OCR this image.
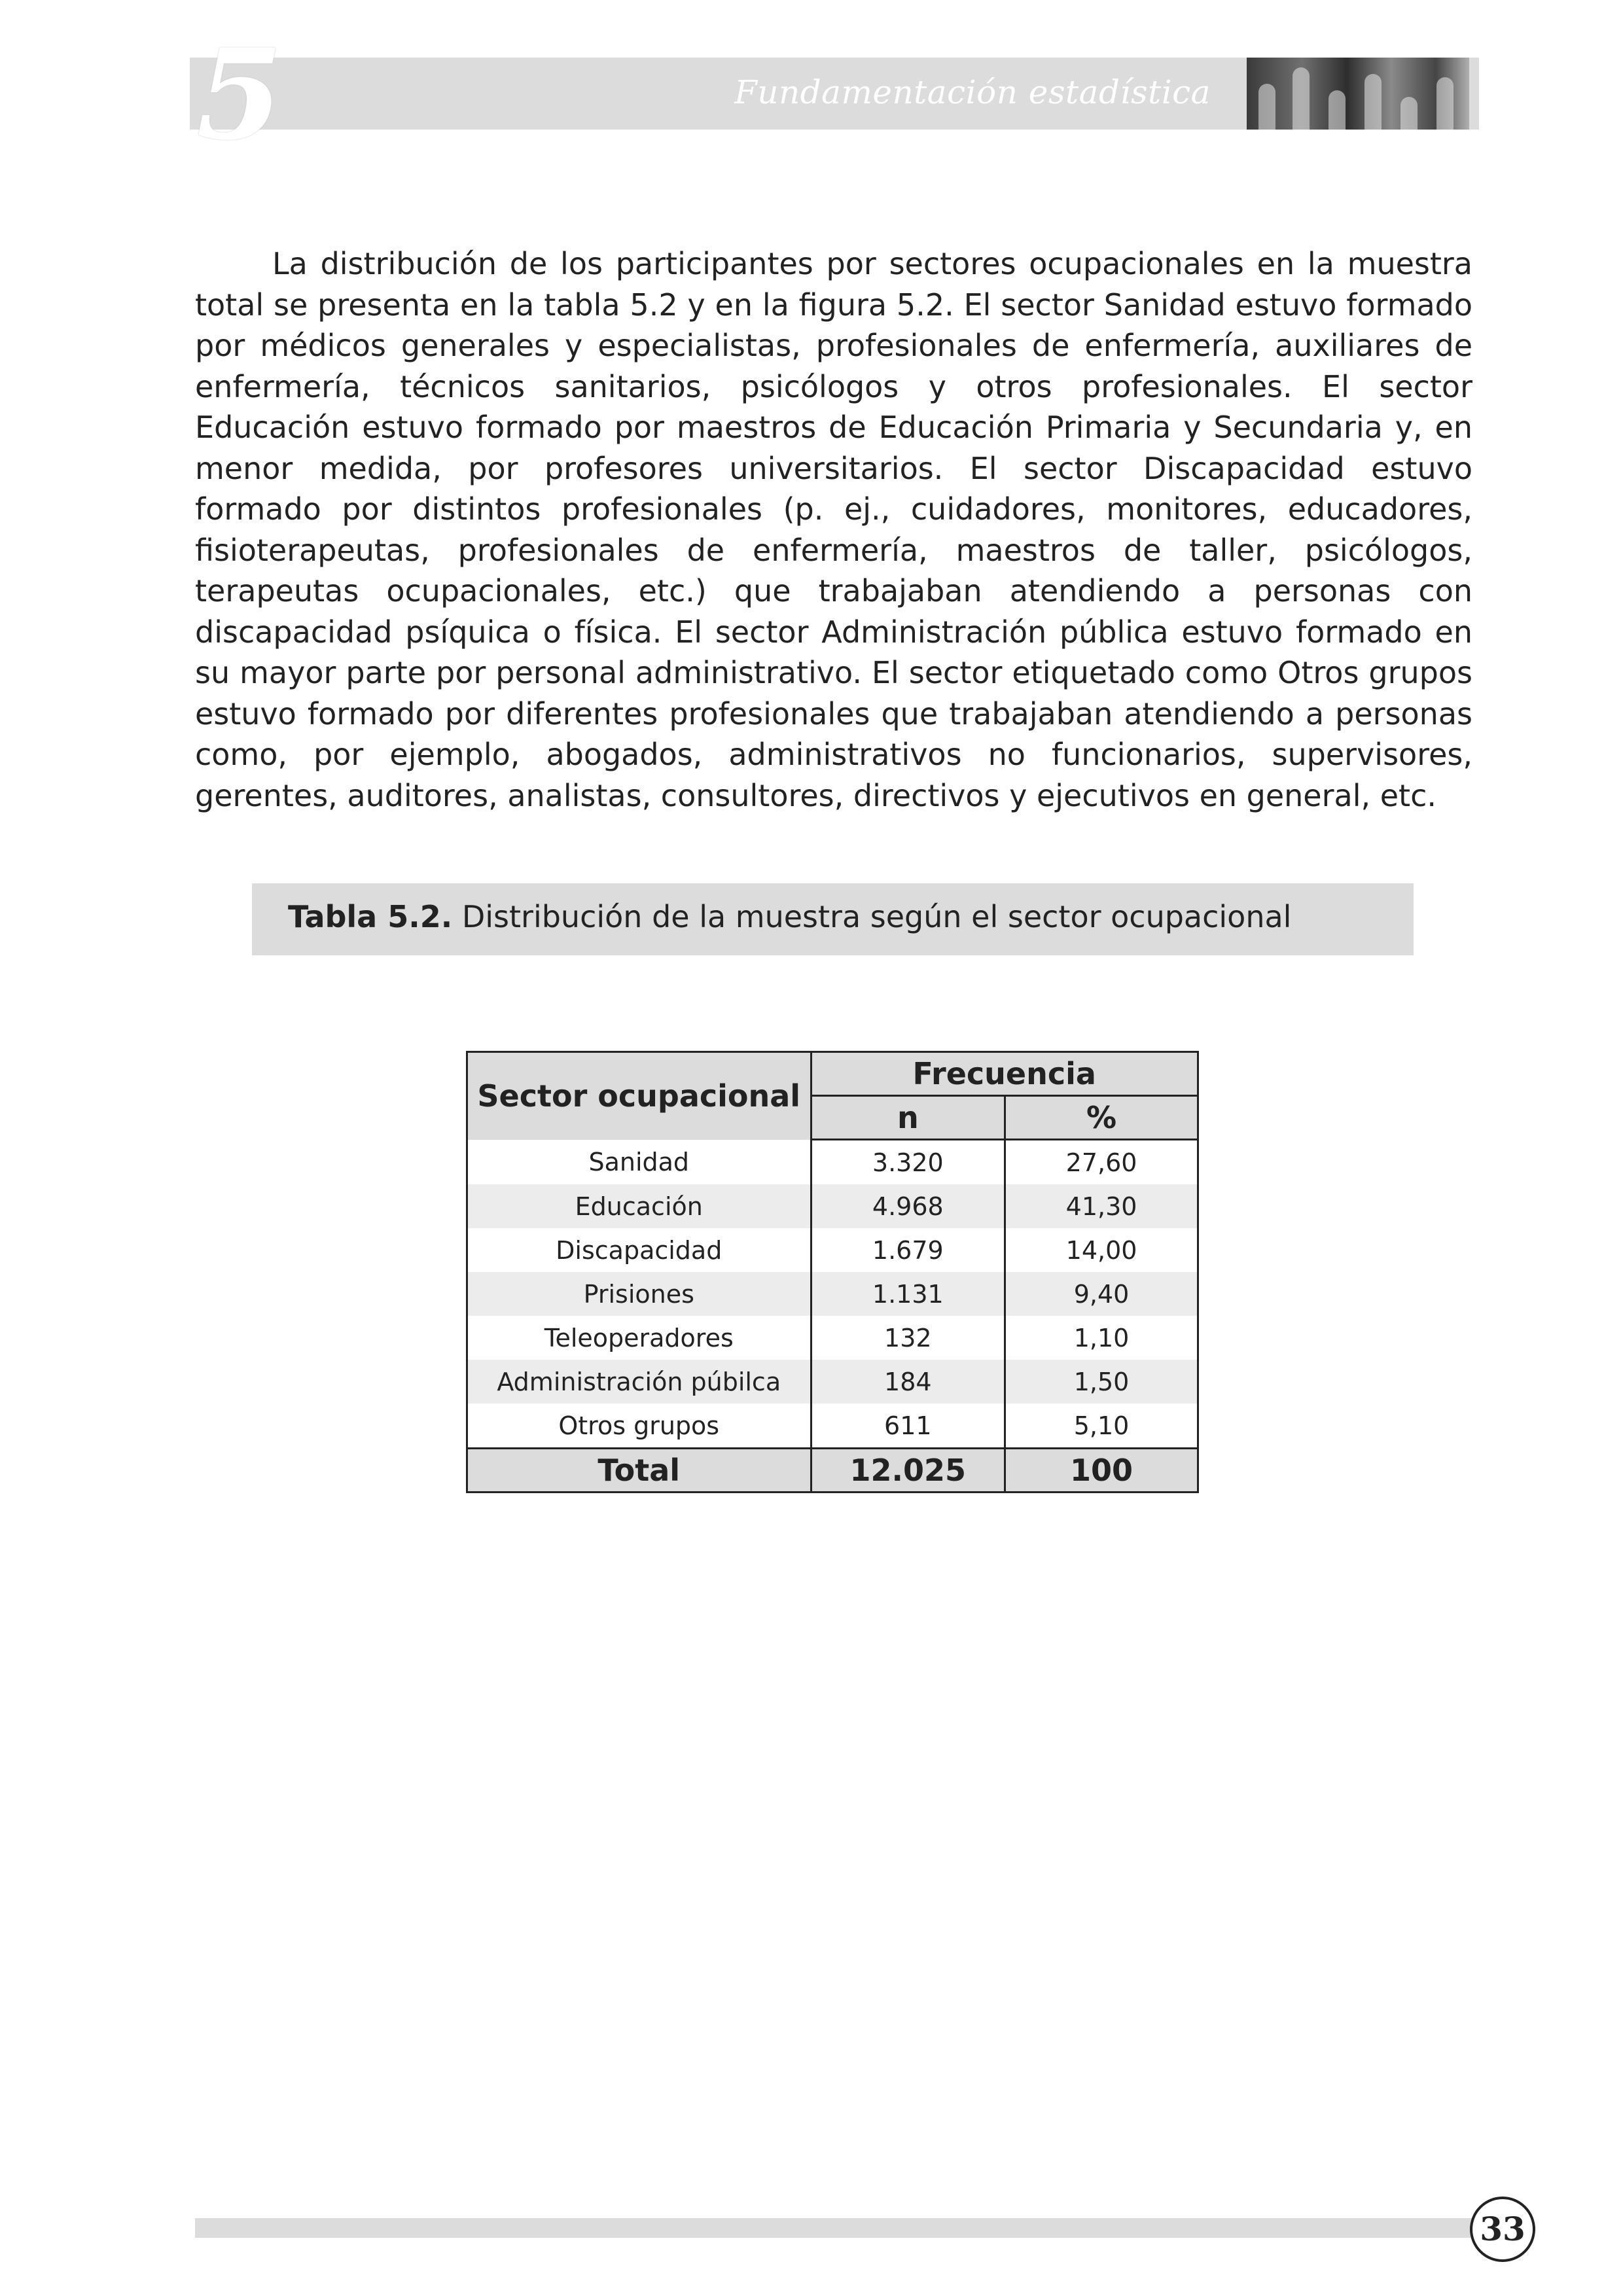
5	Fundamentación estadística

La distribución de los participantes por sectores ocupacionales en la muestra total se presenta en la tabla 5.2 y en la figura 5.2. El sector Sanidad estuvo formado por médicos generales y especialistas, profesionales de enfermería, auxiliares de enfermería, técnicos sanitarios, psicólogos y otros profesionales. El sector Educación estuvo formado por maestros de Educación Primaria y Secundaria y, en menor medida, por profesores universitarios. El sector Discapacidad estuvo formado por distintos profesionales (p. ej., cuidadores, monitores, educadores, fisioterapeutas, profesionales de enfermería, maestros de taller, psicólogos, terapeutas ocupacionales, etc.) que trabajaban atendiendo a personas con discapacidad psíquica o física. El sector Administración pública estuvo formado en su mayor parte por personal administrativo. El sector etiquetado como Otros grupos estuvo formado por diferentes profesionales que trabajaban atendiendo a personas como, por ejemplo, abogados, administrativos no funcionarios, supervisores, gerentes, auditores, analistas, consultores, directivos y ejecutivos en general, etc.

Tabla 5.2. Distribución de la muestra según el sector ocupacional
Sector ocupacional	Frecuencia	
	n	%
Sanidad	3.320	27,60
Educación	4.968	41,30
Discapacidad	1.679	14,00
Prisiones	1.131	9,40
Teleoperadores	132	1,10
Administración púbilca	184	1,50
Otros grupos	611	5,10
Total	12.025	100
33
